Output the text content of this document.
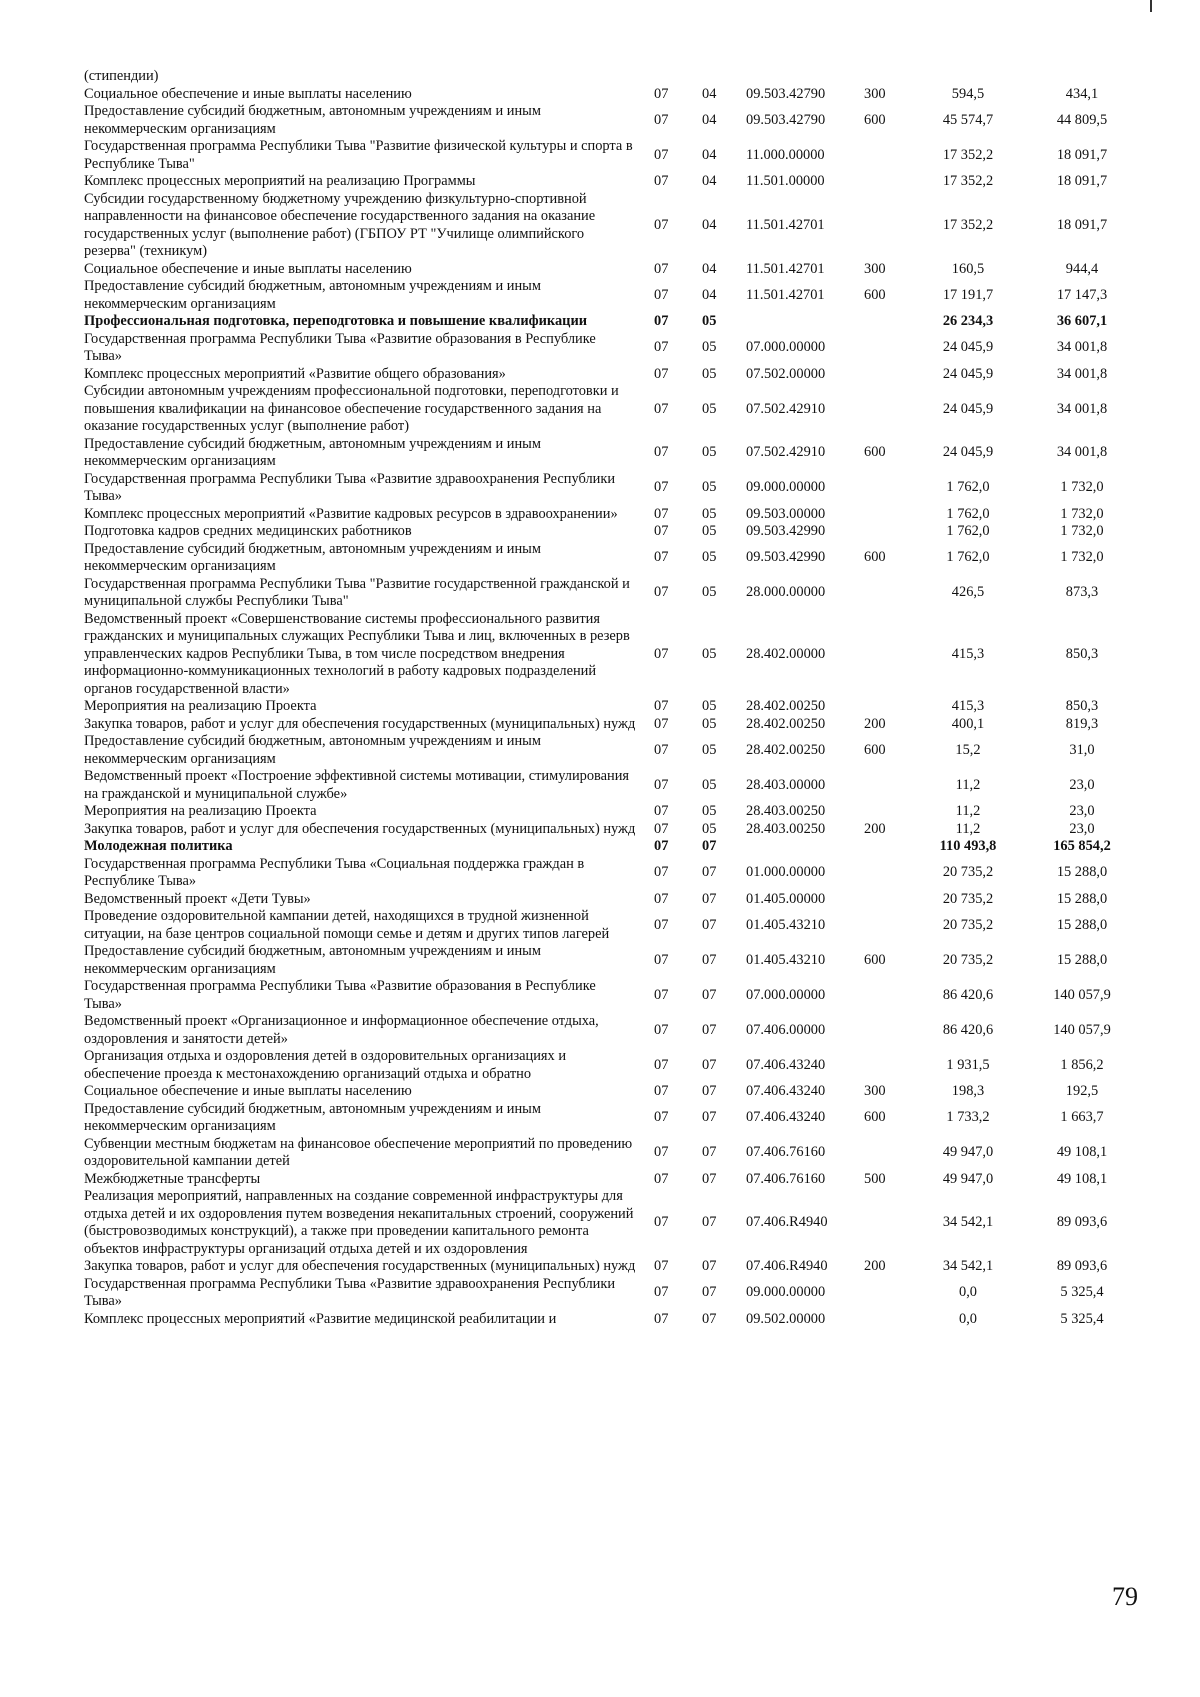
(стипендии)						
Социальное обеспечение и иные выплаты населению	07	04	09.503.42790	300	594,5	434,1
Предоставление субсидий бюджетным, автономным учреждениям и иным некоммерческим организациям	07	04	09.503.42790	600	45 574,7	44 809,5
Государственная программа Республики Тыва "Развитие физической культуры и спорта в Республике Тыва"	07	04	11.000.00000		17 352,2	18 091,7
Комплекс процессных мероприятий на реализацию Программы	07	04	11.501.00000		17 352,2	18 091,7
Субсидии государственному бюджетному учреждению физкультурно-спортивной направленности на финансовое обеспечение государственного задания на оказание государственных услуг (выполнение работ) (ГБПОУ РТ "Училище олимпийского резерва" (техникум)	07	04	11.501.42701		17 352,2	18 091,7
Социальное обеспечение и иные выплаты населению	07	04	11.501.42701	300	160,5	944,4
Предоставление субсидий бюджетным, автономным учреждениям и иным некоммерческим организациям	07	04	11.501.42701	600	17 191,7	17 147,3
Профессиональная подготовка, переподготовка и повышение квалификации	07	05			26 234,3	36 607,1
Государственная программа Республики Тыва «Развитие образования в Республике Тыва»	07	05	07.000.00000		24 045,9	34 001,8
Комплекс процессных мероприятий «Развитие общего образования»	07	05	07.502.00000		24 045,9	34 001,8
Субсидии автономным учреждениям профессиональной подготовки, переподготовки и повышения квалификации на финансовое обеспечение государственного задания на оказание государственных услуг (выполнение работ)	07	05	07.502.42910		24 045,9	34 001,8
Предоставление субсидий бюджетным, автономным учреждениям и иным некоммерческим организациям	07	05	07.502.42910	600	24 045,9	34 001,8
Государственная программа Республики Тыва «Развитие здравоохранения Республики Тыва»	07	05	09.000.00000		1 762,0	1 732,0
Комплекс процессных мероприятий «Развитие кадровых ресурсов в здравоохранении»	07	05	09.503.00000		1 762,0	1 732,0
Подготовка кадров средних медицинских работников	07	05	09.503.42990		1 762,0	1 732,0
Предоставление субсидий бюджетным, автономным учреждениям и иным некоммерческим организациям	07	05	09.503.42990	600	1 762,0	1 732,0
Государственная программа Республики Тыва "Развитие государственной гражданской и муниципальной службы Республики Тыва"	07	05	28.000.00000		426,5	873,3
Ведомственный проект «Совершенствование системы профессионального развития гражданских и муниципальных служащих Республики Тыва и лиц, включенных в резерв управленческих кадров Республики Тыва, в том числе посредством внедрения информационно-коммуникационных технологий в работу кадровых подразделений органов государственной власти»	07	05	28.402.00000		415,3	850,3
Мероприятия на реализацию Проекта	07	05	28.402.00250		415,3	850,3
Закупка товаров, работ и услуг для обеспечения государственных (муниципальных) нужд	07	05	28.402.00250	200	400,1	819,3
Предоставление субсидий бюджетным, автономным учреждениям и иным некоммерческим организациям	07	05	28.402.00250	600	15,2	31,0
Ведомственный проект «Построение эффективной системы мотивации, стимулирования на гражданской и муниципальной службе»	07	05	28.403.00000		11,2	23,0
Мероприятия на реализацию Проекта	07	05	28.403.00250		11,2	23,0
Закупка товаров, работ и услуг для обеспечения государственных (муниципальных) нужд	07	05	28.403.00250	200	11,2	23,0
Молодежная политика	07	07			110 493,8	165 854,2
Государственная программа Республики Тыва «Социальная поддержка граждан в Республике Тыва»	07	07	01.000.00000		20 735,2	15 288,0
Ведомственный проект «Дети Тувы»	07	07	01.405.00000		20 735,2	15 288,0
Проведение оздоровительной кампании детей, находящихся в трудной жизненной ситуации, на базе центров социальной помощи семье и детям и других типов лагерей	07	07	01.405.43210		20 735,2	15 288,0
Предоставление субсидий бюджетным, автономным учреждениям и иным некоммерческим организациям	07	07	01.405.43210	600	20 735,2	15 288,0
Государственная программа Республики Тыва «Развитие образования в Республике Тыва»	07	07	07.000.00000		86 420,6	140 057,9
Ведомственный проект «Организационное и информационное обеспечение отдыха, оздоровления и занятости детей»	07	07	07.406.00000		86 420,6	140 057,9
Организация отдыха и оздоровления детей в оздоровительных организациях и обеспечение проезда к местонахождению организаций отдыха и обратно	07	07	07.406.43240		1 931,5	1 856,2
Социальное обеспечение и иные выплаты населению	07	07	07.406.43240	300	198,3	192,5
Предоставление субсидий бюджетным, автономным учреждениям и иным некоммерческим организациям	07	07	07.406.43240	600	1 733,2	1 663,7
Субвенции местным бюджетам на финансовое обеспечение мероприятий по проведению оздоровительной кампании детей	07	07	07.406.76160		49 947,0	49 108,1
Межбюджетные трансферты	07	07	07.406.76160	500	49 947,0	49 108,1
Реализация мероприятий, направленных на создание современной инфраструктуры для отдыха детей и их оздоровления путем возведения некапитальных строений, сооружений (быстровозводимых конструкций), а также при проведении капитального ремонта объектов инфраструктуры организаций отдыха детей и их оздоровления	07	07	07.406.R4940		34 542,1	89 093,6
Закупка товаров, работ и услуг для обеспечения государственных (муниципальных) нужд	07	07	07.406.R4940	200	34 542,1	89 093,6
Государственная программа Республики Тыва «Развитие здравоохранения Республики Тыва»	07	07	09.000.00000		0,0	5 325,4
Комплекс процессных мероприятий «Развитие медицинской реабилитации и	07	07	09.502.00000		0,0	5 325,4
79
